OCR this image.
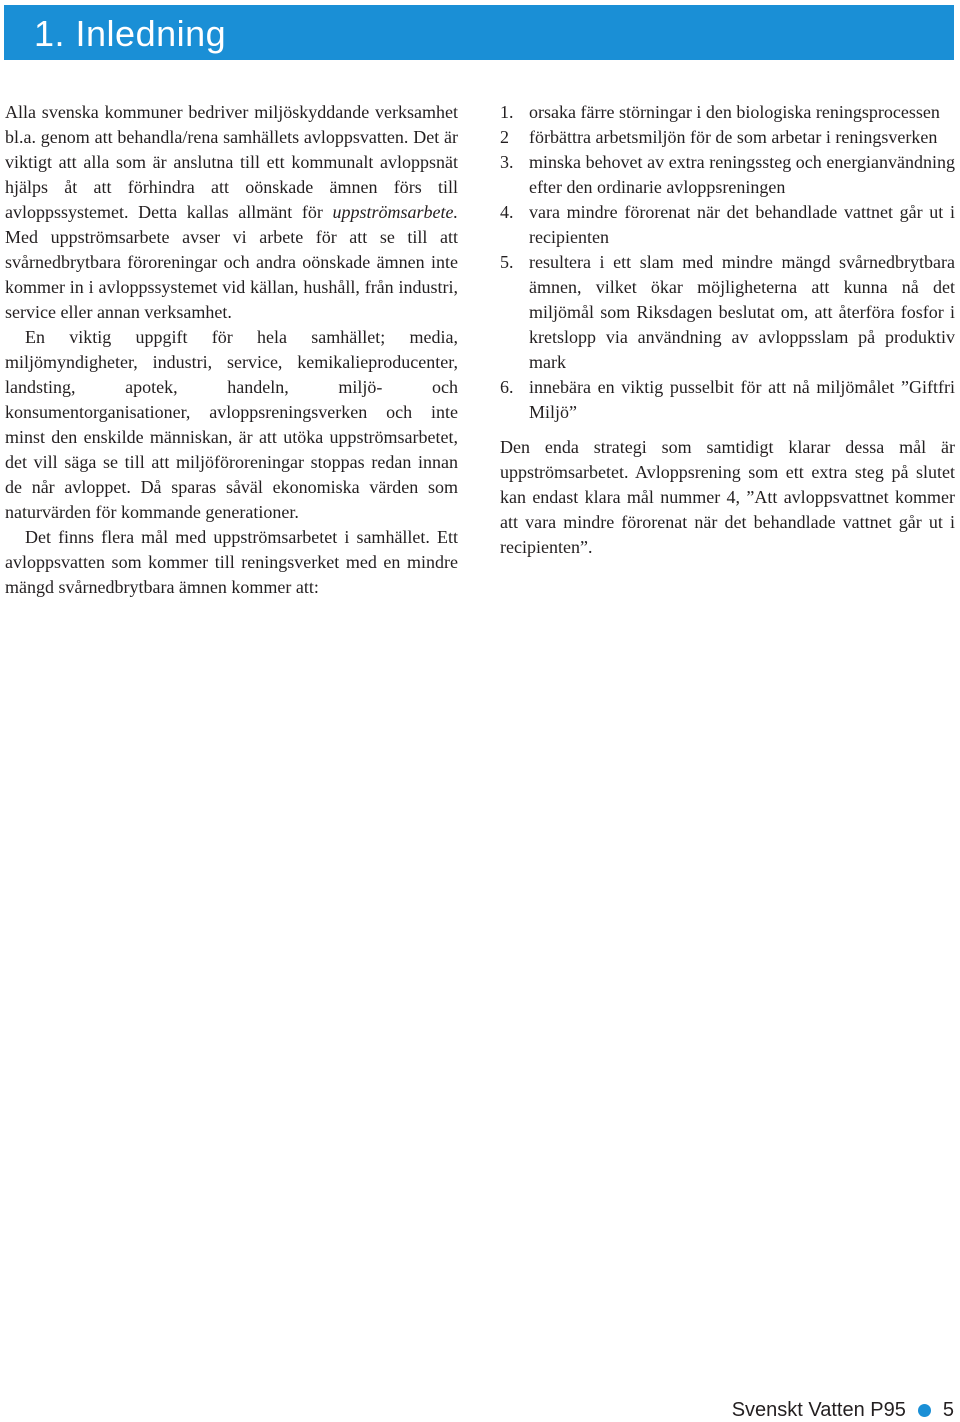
1. Inledning

Alla svenska kommuner bedriver miljöskyddande verksamhet bl.a. genom att behandla/rena samhällets avloppsvatten. Det är viktigt att alla som är anslutna till ett kommunalt avloppsnät hjälps åt att förhindra att oönskade ämnen förs till avloppssystemet. Detta kallas allmänt för uppströmsarbete. Med uppströmsarbete avser vi arbete för att se till att svårnedbrytbara föroreningar och andra oönskade ämnen inte kommer in i avloppssystemet vid källan, hushåll, från industri, service eller annan verksamhet.

En viktig uppgift för hela samhället; media, miljömyndigheter, industri, service, kemikalieproducenter, landsting, apotek, handeln, miljö- och konsumentorganisationer, avloppsreningsverken och inte minst den enskilde människan, är att utöka uppströmsarbetet, det vill säga se till att miljöföroreningar stoppas redan innan de når avloppet. Då sparas såväl ekonomiska värden som naturvärden för kommande generationer.

Det finns flera mål med uppströmsarbetet i samhället. Ett avloppsvatten som kommer till reningsverket med en mindre mängd svårnedbrytbara ämnen kommer att:

1. orsaka färre störningar i den biologiska reningsprocessen
2	förbättra arbetsmiljön för de som arbetar i reningsverken
3. minska behovet av extra reningssteg och energianvändning efter den ordinarie avloppsreningen
4. vara mindre förorenat när det behandlade vattnet går ut i recipienten
5. resultera i ett slam med mindre mängd svårnedbrytbara ämnen, vilket ökar möjligheterna att kunna nå det miljömål som Riksdagen beslutat om, att återföra fosfor i kretslopp via användning av avloppsslam på produktiv mark
6. innebära en viktig pusselbit för att nå miljömålet ”Giftfri Miljö”

Den enda strategi som samtidigt klarar dessa mål är uppströmsarbetet. Avloppsrening som ett extra steg på slutet kan endast klara mål nummer 4, ”Att avloppsvattnet kommer att vara mindre förorenat när det behandlade vattnet går ut i recipienten”.

Svenskt Vatten P95 5
